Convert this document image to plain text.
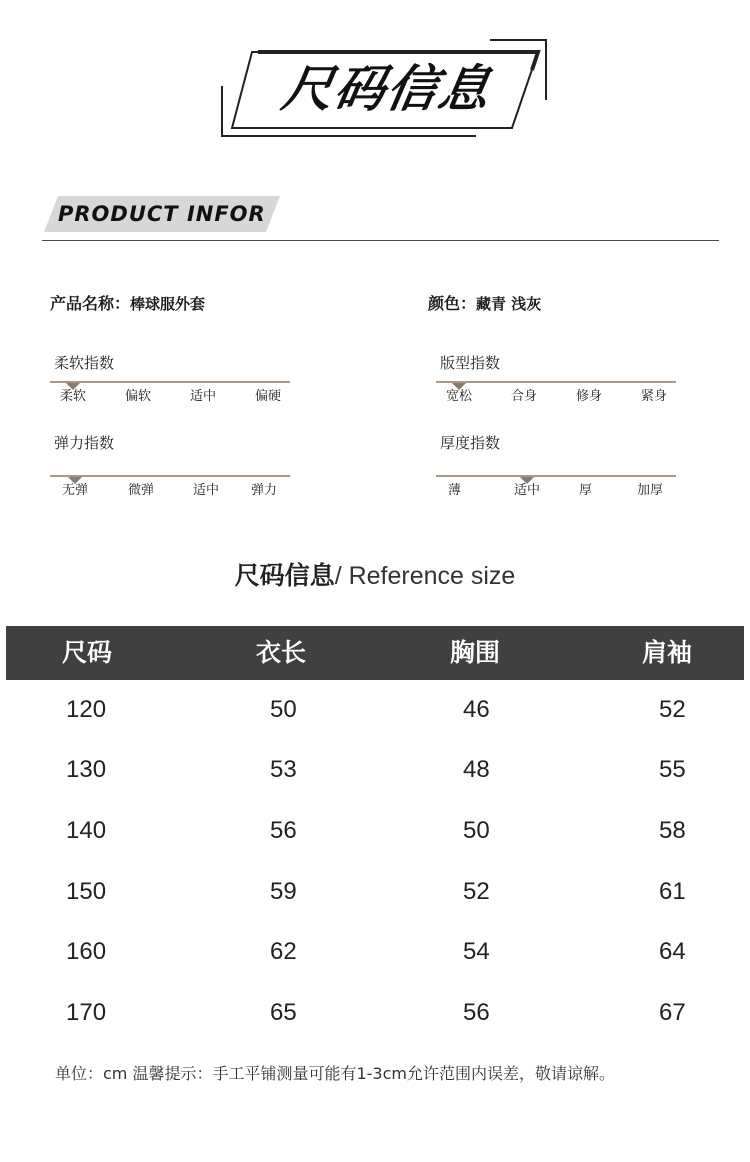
尺码信息
PRODUCT INFOR
产品名称：棒球服外套	颜色：藏青 浅灰
柔软指数
柔软	偏软	适中	偏硬
版型指数
宽松	合身	修身	紧身
弹力指数
无弹	微弹	适中 弹力
厚度指数
薄	适中	厚	加厚
尺码信息/ Reference size
尺码	衣长	胸围	肩袖
120	50	46	52
130	53	48	55
140	56	50	58
150	59	52	61
160	62	54	64
170	65	56	67
单位：cm 温馨提示：手工平铺测量可能有1-3cm允许范围内误差，敬请谅解。
